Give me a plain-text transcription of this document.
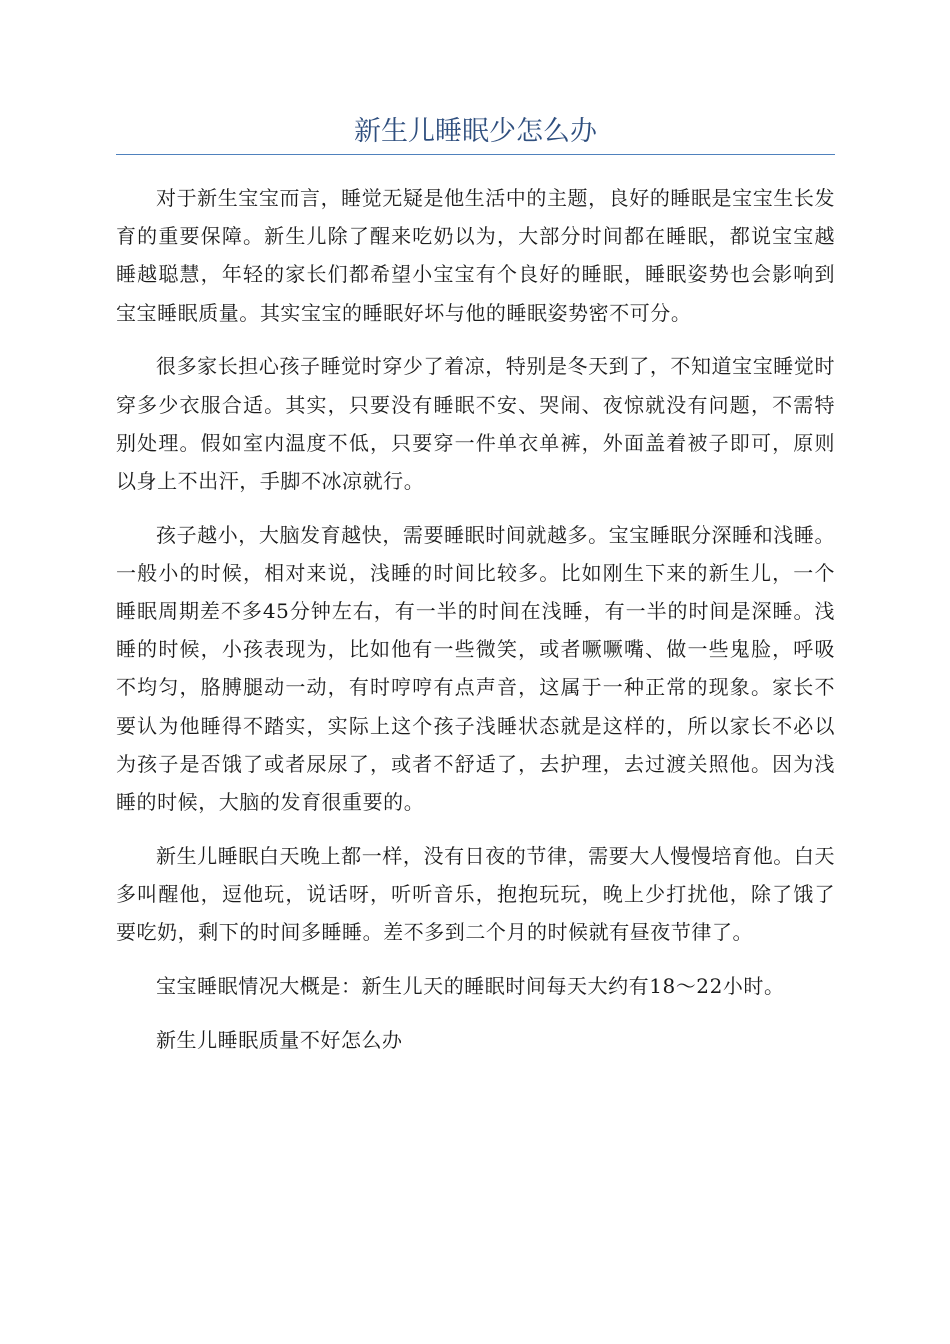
新生儿睡眠少怎么办

对于新生宝宝而言，睡觉无疑是他生活中的主题，良好的睡眠是宝宝生长发育的重要保障。新生儿除了醒来吃奶以为，大部分时间都在睡眠，都说宝宝越睡越聪慧，年轻的家长们都希望小宝宝有个良好的睡眠，睡眠姿势也会影响到宝宝睡眠质量。其实宝宝的睡眠好坏与他的睡眠姿势密不可分。

很多家长担心孩子睡觉时穿少了着凉，特别是冬天到了，不知道宝宝睡觉时穿多少衣服合适。其实，只要没有睡眠不安、哭闹、夜惊就没有问题，不需特别处理。假如室内温度不低，只要穿一件单衣单裤，外面盖着被子即可，原则以身上不出汗，手脚不冰凉就行。

孩子越小，大脑发育越快，需要睡眠时间就越多。宝宝睡眠分深睡和浅睡。一般小的时候，相对来说，浅睡的时间比较多。比如刚生下来的新生儿，一个睡眠周期差不多45分钟左右，有一半的时间在浅睡，有一半的时间是深睡。浅睡的时候，小孩表现为，比如他有一些微笑，或者噘噘嘴、做一些鬼脸，呼吸不均匀，胳膊腿动一动，有时哼哼有点声音，这属于一种正常的现象。家长不要认为他睡得不踏实，实际上这个孩子浅睡状态就是这样的，所以家长不必以为孩子是否饿了或者尿尿了，或者不舒适了，去护理，去过渡关照他。因为浅睡的时候，大脑的发育很重要的。

新生儿睡眠白天晚上都一样，没有日夜的节律，需要大人慢慢培育他。白天多叫醒他，逗他玩，说话呀，听听音乐，抱抱玩玩，晚上少打扰他，除了饿了要吃奶，剩下的时间多睡睡。差不多到二个月的时候就有昼夜节律了。

宝宝睡眠情况大概是：新生儿天的睡眠时间每天大约有18～22小时。

新生儿睡眠质量不好怎么办
